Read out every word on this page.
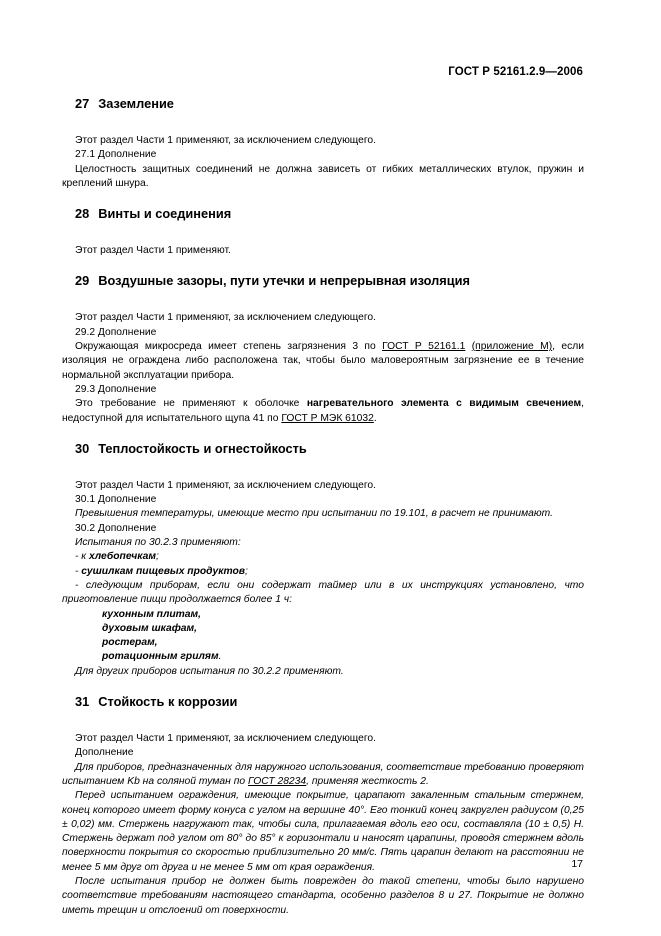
ГОСТ Р 52161.2.9—2006
27 Заземление

Этот раздел Части 1 применяют, за исключением следующего.

27.1 Дополнение

Целостность защитных соединений не должна зависеть от гибких металлических втулок, пружин и креплений шнура.

28 Винты и соединения

Этот раздел Части 1 применяют.

29 Воздушные зазоры, пути утечки и непрерывная изоляция

Этот раздел Части 1 применяют, за исключением следующего.

29.2 Дополнение

Окружающая микросреда имеет степень загрязнения 3 по ГОСТ Р 52161.1 (приложение М), если изоляция не ограждена либо расположена так, чтобы было маловероятным загрязнение ее в течение нормальной эксплуатации прибора.

29.3 Дополнение

Это требование не применяют к оболочке нагревательного элемента с видимым свечением, недоступной для испытательного щупа 41 по ГОСТ Р МЭК 61032.

30 Теплостойкость и огнестойкость

Этот раздел Части 1 применяют, за исключением следующего.

30.1 Дополнение

Превышения температуры, имеющие место при испытании по 19.101, в расчет не принимают.

30.2 Дополнение

Испытания по 30.2.3 применяют:

- к хлебопечкам;

- сушилкам пищевых продуктов;

- следующим приборам, если они содержат таймер или в их инструкциях установлено, что приготовление пищи продолжается более 1 ч:

кухонным плитам,

духовым шкафам,

ростерам,

ротационным грилям.

Для других приборов испытания по 30.2.2 применяют.

31 Стойкость к коррозии

Этот раздел Части 1 применяют, за исключением следующего.

Дополнение

Для приборов, предназначенных для наружного использования, соответствие требованию проверяют испытанием Kb на соляной туман по ГОСТ 28234, применяя жесткость 2.

Перед испытанием ограждения, имеющие покрытие, царапают закаленным стальным стержнем, конец которого имеет форму конуса с углом на вершине 40°. Его тонкий конец закруглен радиусом (0,25 ± 0,02) мм. Стержень нагружают так, чтобы сила, прилагаемая вдоль его оси, составляла (10 ± 0,5) Н. Стержень держат под углом от 80° до 85° к горизонтали и наносят царапины, проводя стержнем вдоль поверхности покрытия со скоростью приблизительно 20 мм/с. Пять царапин делают на расстоянии не менее 5 мм друг от друга и не менее 5 мм от края ограждения.

После испытания прибор не должен быть поврежден до такой степени, чтобы было нарушено соответствие требованиям настоящего стандарта, особенно разделов 8 и 27. Покрытие не должно иметь трещин и отслоений от поверхности.

17
